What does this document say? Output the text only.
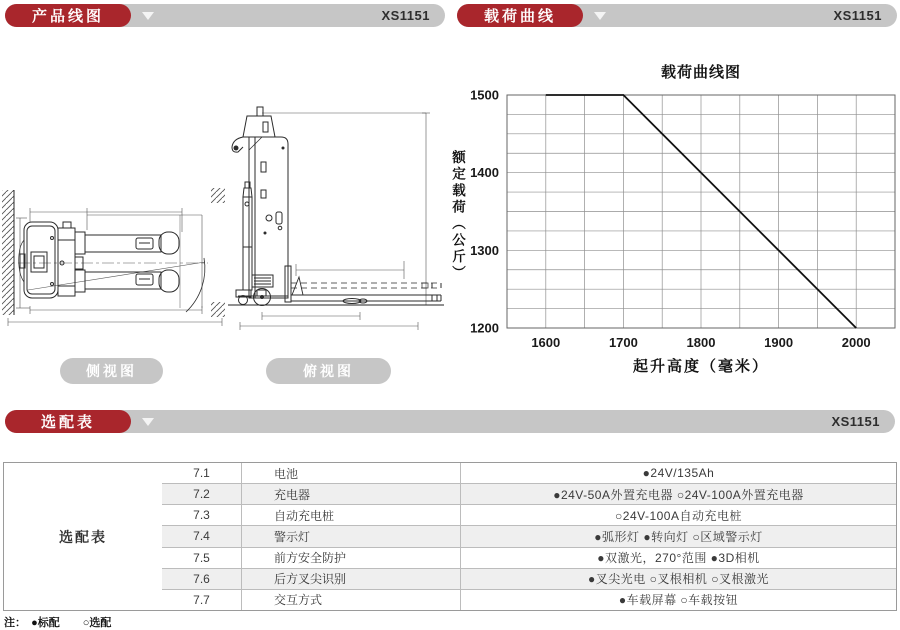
产品线图	XS1151	载荷曲线	XS1151
侧视图	俯视图
载荷曲线图
额定载荷（公斤）
1600	1700	1800	1900	2000
1200
1300
1400
1500
起升高度（毫米）
选配表	XS1151
选配表
7.1	电池	●24V/135Ah
7.2	充电器	●24V-50A外置充电器 ○24V-100A外置充电器
7.3	自动充电桩	○24V-100A自动充电桩
7.4	警示灯	●弧形灯 ●转向灯 ○区域警示灯
7.5	前方安全防护	●双激光，270°范围 ●3D相机
7.6	后方叉尖识别	●叉尖光电 ○叉根相机 ○叉根激光
7.7	交互方式	●车载屏幕 ○车载按钮
注： ●标配 ○选配
